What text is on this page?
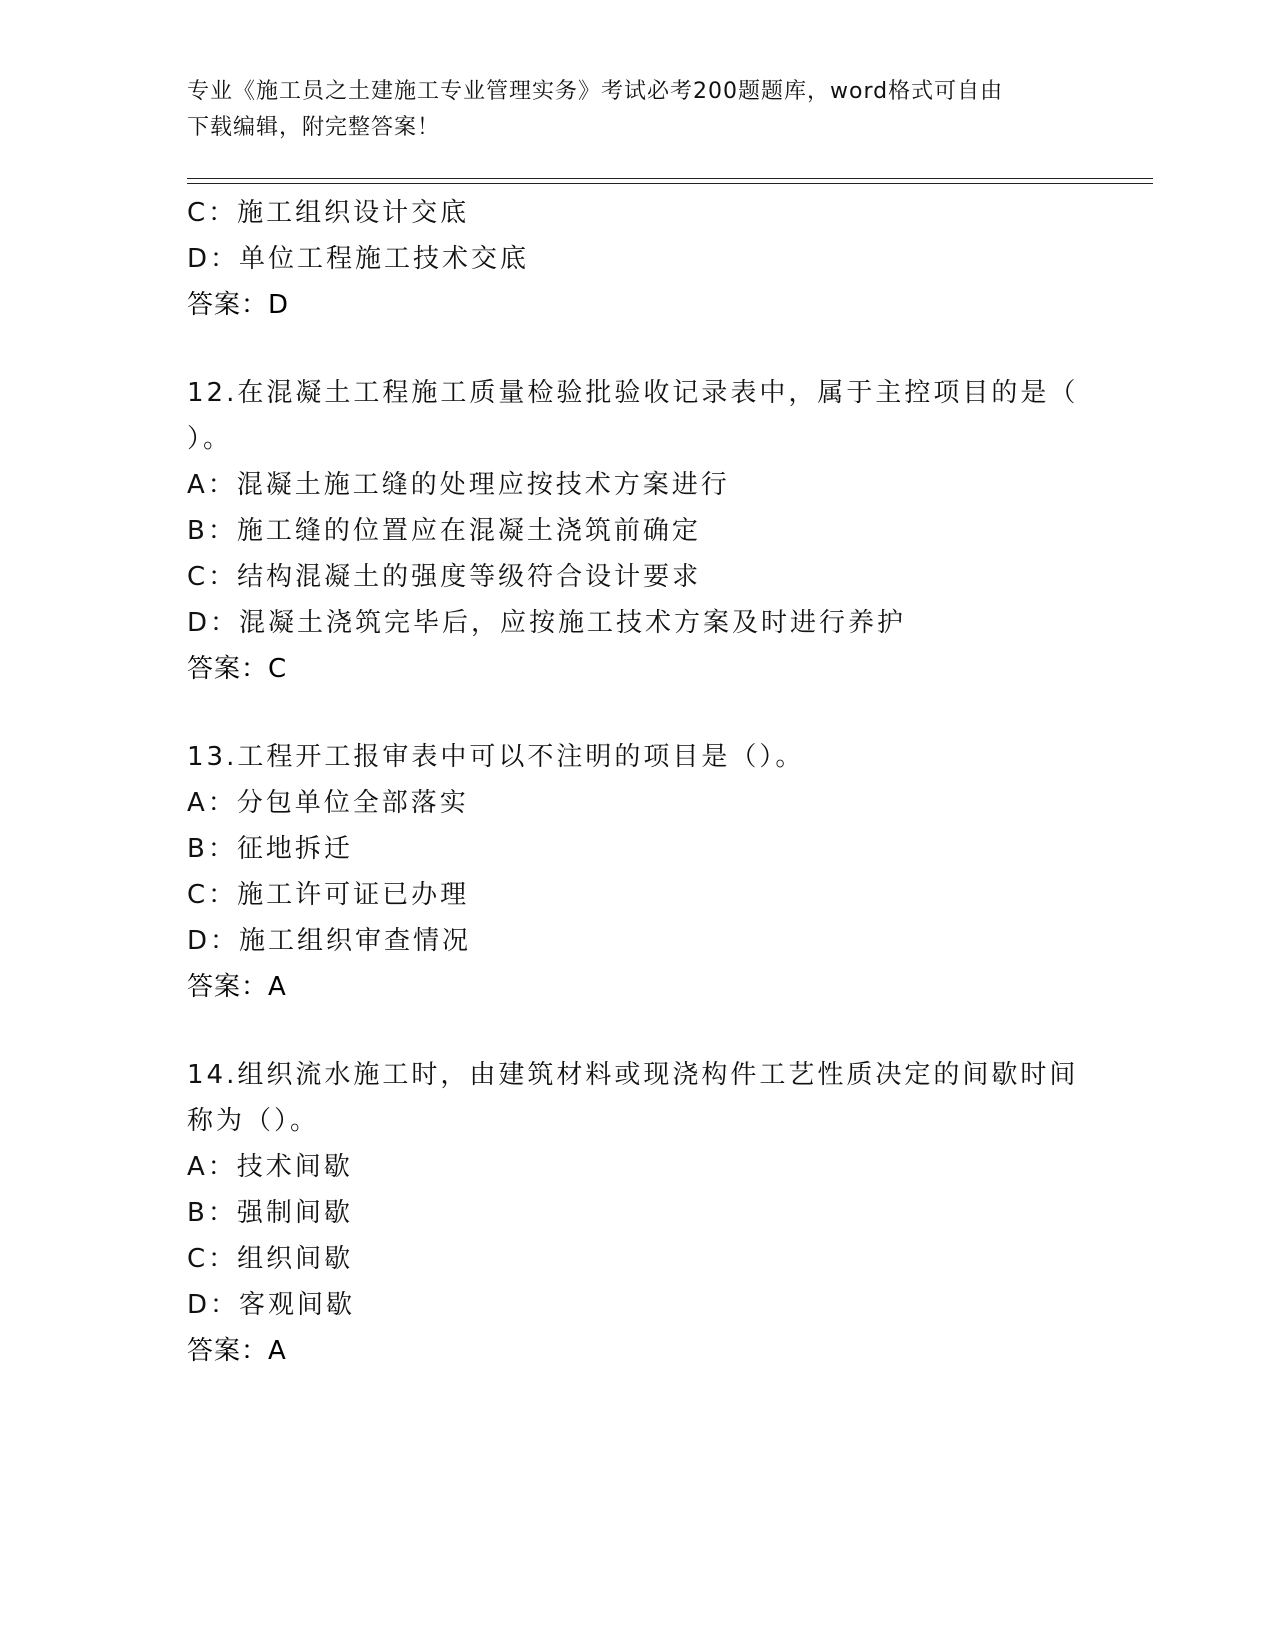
专业《施工员之土建施工专业管理实务》考试必考200题题库，word格式可自由
下载编辑，附完整答案！
C：施工组织设计交底
D：单位工程施工技术交底
答案：D
12.在混凝土工程施工质量检验批验收记录表中，属于主控项目的是（
）。
A：混凝土施工缝的处理应按技术方案进行
B：施工缝的位置应在混凝土浇筑前确定
C：结构混凝土的强度等级符合设计要求
D：混凝土浇筑完毕后，应按施工技术方案及时进行养护
答案：C
13.工程开工报审表中可以不注明的项目是（）。
A：分包单位全部落实
B：征地拆迁
C：施工许可证已办理
D：施工组织审查情况
答案：A
14.组织流水施工时，由建筑材料或现浇构件工艺性质决定的间歇时间
称为（）。
A：技术间歇
B：强制间歇
C：组织间歇
D：客观间歇
答案：A
